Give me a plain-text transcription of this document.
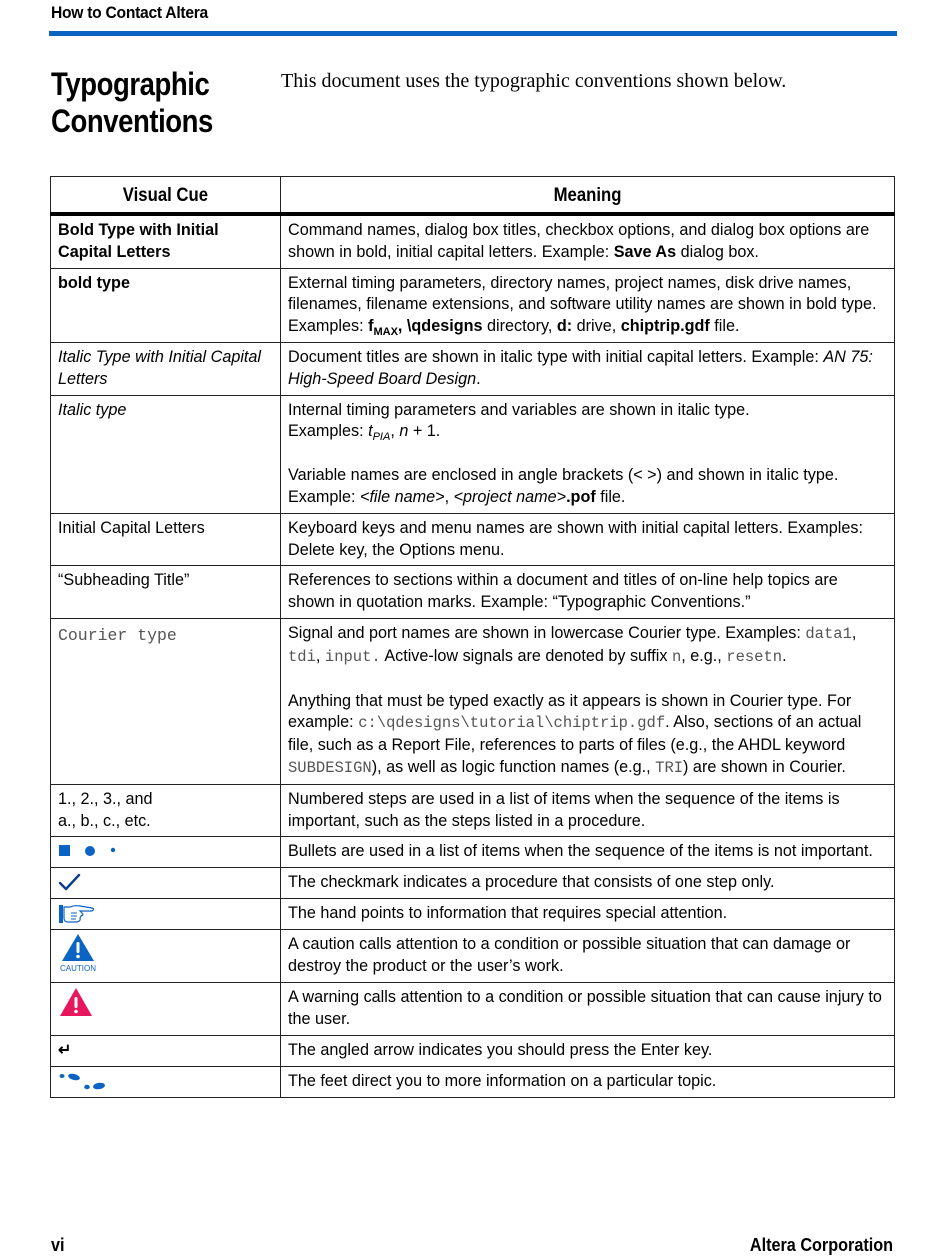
How to Contact Altera
Typographic
Conventions
This document uses the typographic conventions shown below.
Visual Cue	Meaning
Bold Type with Initial Capital Letters	Command names, dialog box titles, checkbox options, and dialog box options are shown in bold, initial capital letters. Example: Save As dialog box.
bold type	External timing parameters, directory names, project names, disk drive names, filenames, filename extensions, and software utility names are shown in bold type. Examples: $f_{MAX}$, \qdesigns directory, d: drive, chiptrip.gdf file.
Italic Type with Initial Capital Letters	Document titles are shown in italic type with initial capital letters. Example: AN 75: High-Speed Board Design.
Italic type	Internal timing parameters and variables are shown in italic type.
Examples: $t_{PIA}$, n + 1.
Variable names are enclosed in angle brackets (< >) and shown in italic type.
Example: <file name>, <project name>.pof file.

Initial Capital Letters	Keyboard keys and menu names are shown with initial capital letters. Examples: Delete key, the Options menu.
“Subheading Title”	References to sections within a document and titles of on-line help topics are shown in quotation marks. Example: “Typographic Conventions.”
Courier type	Signal and port names are shown in lowercase Courier type. Examples: data1, tdi, input. Active-low signals are denoted by suffix n, e.g., resetn.
Anything that must be typed exactly as it appears is shown in Courier type. For example: c:\qdesigns\tutorial\chiptrip.gdf. Also, sections of an actual file, such as a Report File, references to parts of files (e.g., the AHDL keyword SUBDESIGN), as well as logic function names (e.g., TRI) are shown in Courier.

1., 2., 3., and
a., b., c., etc.	Numbered steps are used in a list of items when the sequence of the items is important, such as the steps listed in a procedure.

	Bullets are used in a list of items when the sequence of the items is not important.

	The checkmark indicates a procedure that consists of one step only.

	The hand points to information that requires special attention.

CAUTION	A caution calls attention to a condition or possible situation that can damage or destroy the product or the user’s work.

	A warning calls attention to a condition or possible situation that can cause injury to the user.
↵	The angled arrow indicates you should press the Enter key.

	The feet direct you to more information on a particular topic.
vi	Altera Corporation
